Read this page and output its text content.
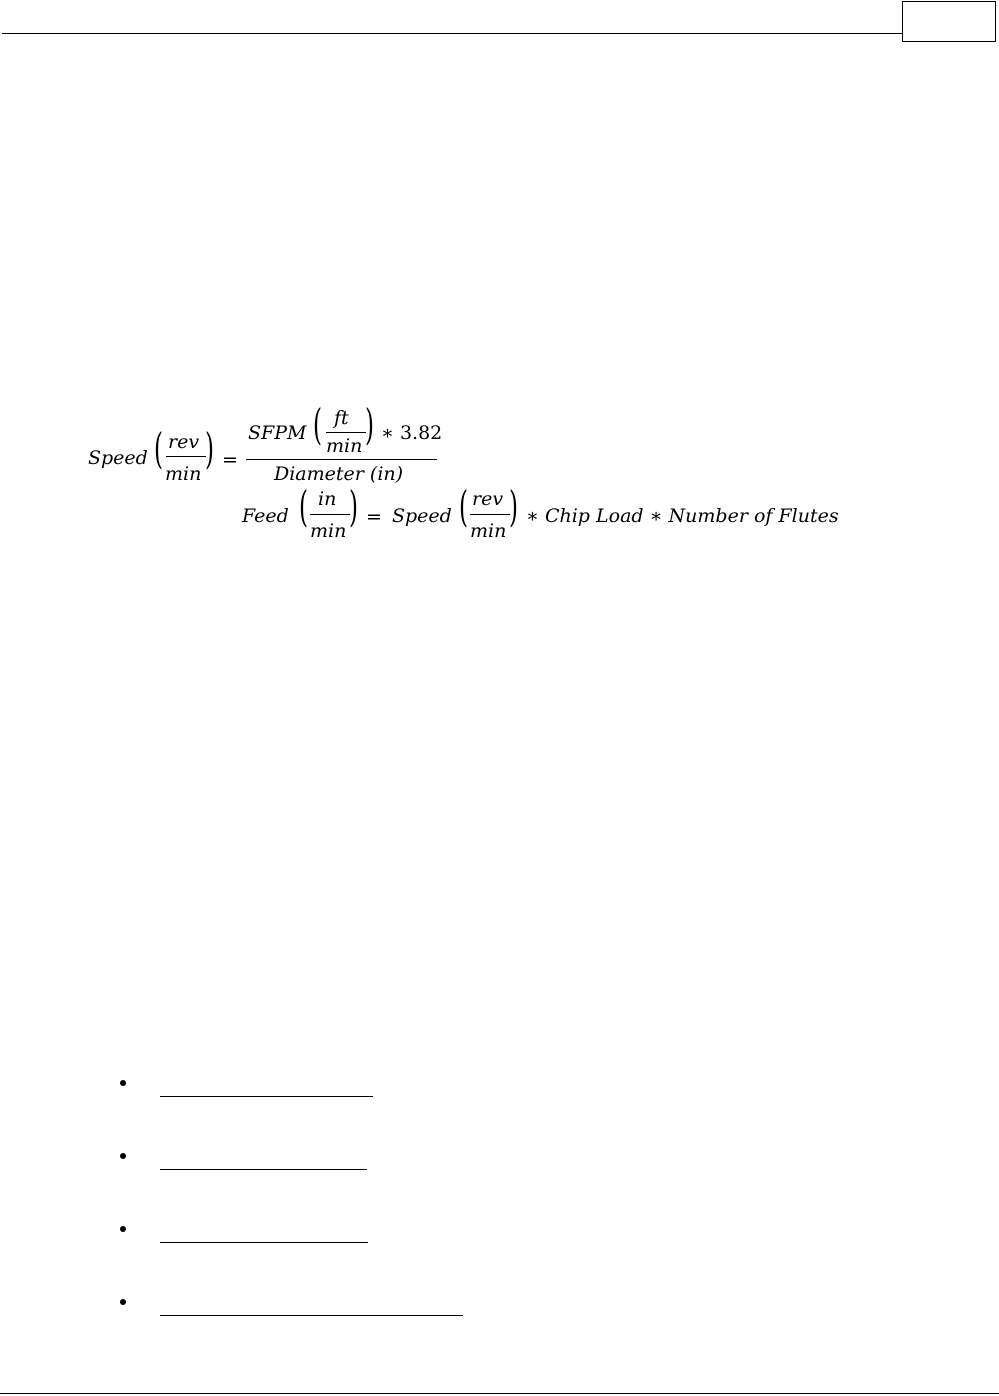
Speed ( rev
min
) =
SFPM ( ft
min ) ∗ 3.82
Diameter (in)
Feed ( in
min ) = Speed ( rev
min ) ∗ Chip Load ∗ Number of Flutes
